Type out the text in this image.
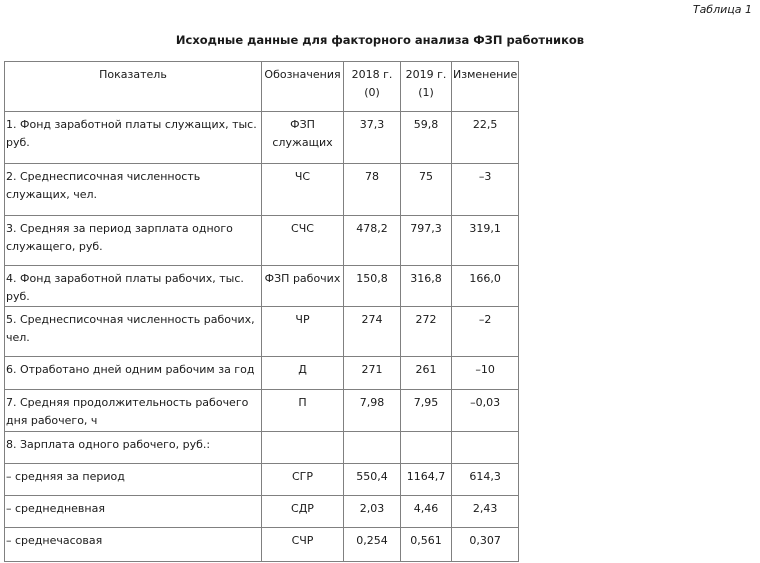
Таблица 1
Исходные данные для факторного анализа ФЗП работников
Показатель	Обозначения	2018 г. (0)	2019 г. (1)	Изменение
1. Фонд заработной платы служащих, тыс. руб.	ФЗП служащих	37,3	59,8	22,5
2. Среднесписочная численность служащих, чел.	ЧС	78	75	–3
3. Средняя за период зарплата одного служащего, руб.	СЧС	478,2	797,3	319,1
4. Фонд заработной платы рабочих, тыс. руб.	ФЗП рабочих	150,8	316,8	166,0
5. Среднесписочная численность рабочих, чел.	ЧР	274	272	–2
6. Отработано дней одним рабочим за год	Д	271	261	–10
7. Средняя продолжительность рабочего дня рабочего, ч	П	7,98	7,95	–0,03
8. Зарплата одного рабочего, руб.:				
– средняя за период	СГР	550,4	1164,7	614,3
– среднедневная	СДР	2,03	4,46	2,43
– среднечасовая	СЧР	0,254	0,561	0,307
